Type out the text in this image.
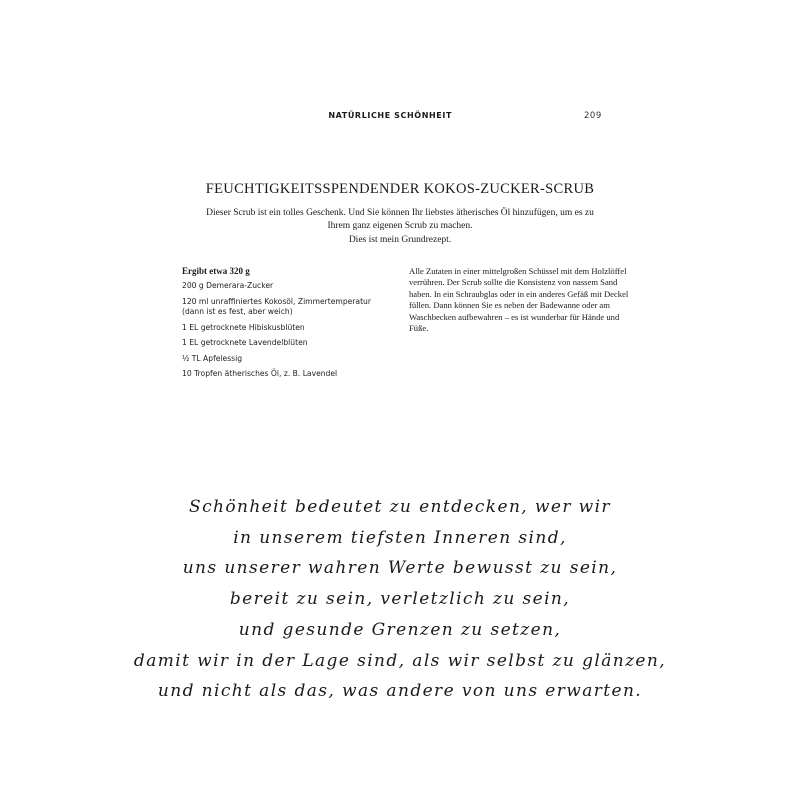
NATÜRLICHE SCHÖNHEIT	209
FEUCHTIGKEITSSPENDENDER KOKOS-ZUCKER-SCRUB

Dieser Scrub ist ein tolles Geschenk. Und Sie können Ihr liebstes ätherisches Öl hinzufügen, um es zu Ihrem ganz eigenen Scrub zu machen.

Dies ist mein Grundrezept.

Ergibt etwa 320 g

200 g Demerara-Zucker
120 ml unraffiniertes Kokosöl, Zimmertemperatur (dann ist es fest, aber weich)
1 EL getrocknete Hibiskusblüten
1 EL getrocknete Lavendelblüten
½ TL Apfelessig
10 Tropfen ätherisches Öl, z. B. Lavendel

Alle Zutaten in einer mittelgroßen Schüssel mit dem Holzlöffel verrühren. Der Scrub sollte die Konsistenz von nassem Sand haben. In ein Schraubglas oder in ein anderes Gefäß mit Deckel füllen. Dann können Sie es neben der Badewanne oder am Waschbecken aufbewahren – es ist wunderbar für Hände und Füße.

Schönheit bedeutet zu entdecken, wer wir
in unserem tiefsten Inneren sind,
uns unserer wahren Werte bewusst zu sein,
bereit zu sein, verletzlich zu sein,
und gesunde Grenzen zu setzen,
damit wir in der Lage sind, als wir selbst zu glänzen,
und nicht als das, was andere von uns erwarten.
